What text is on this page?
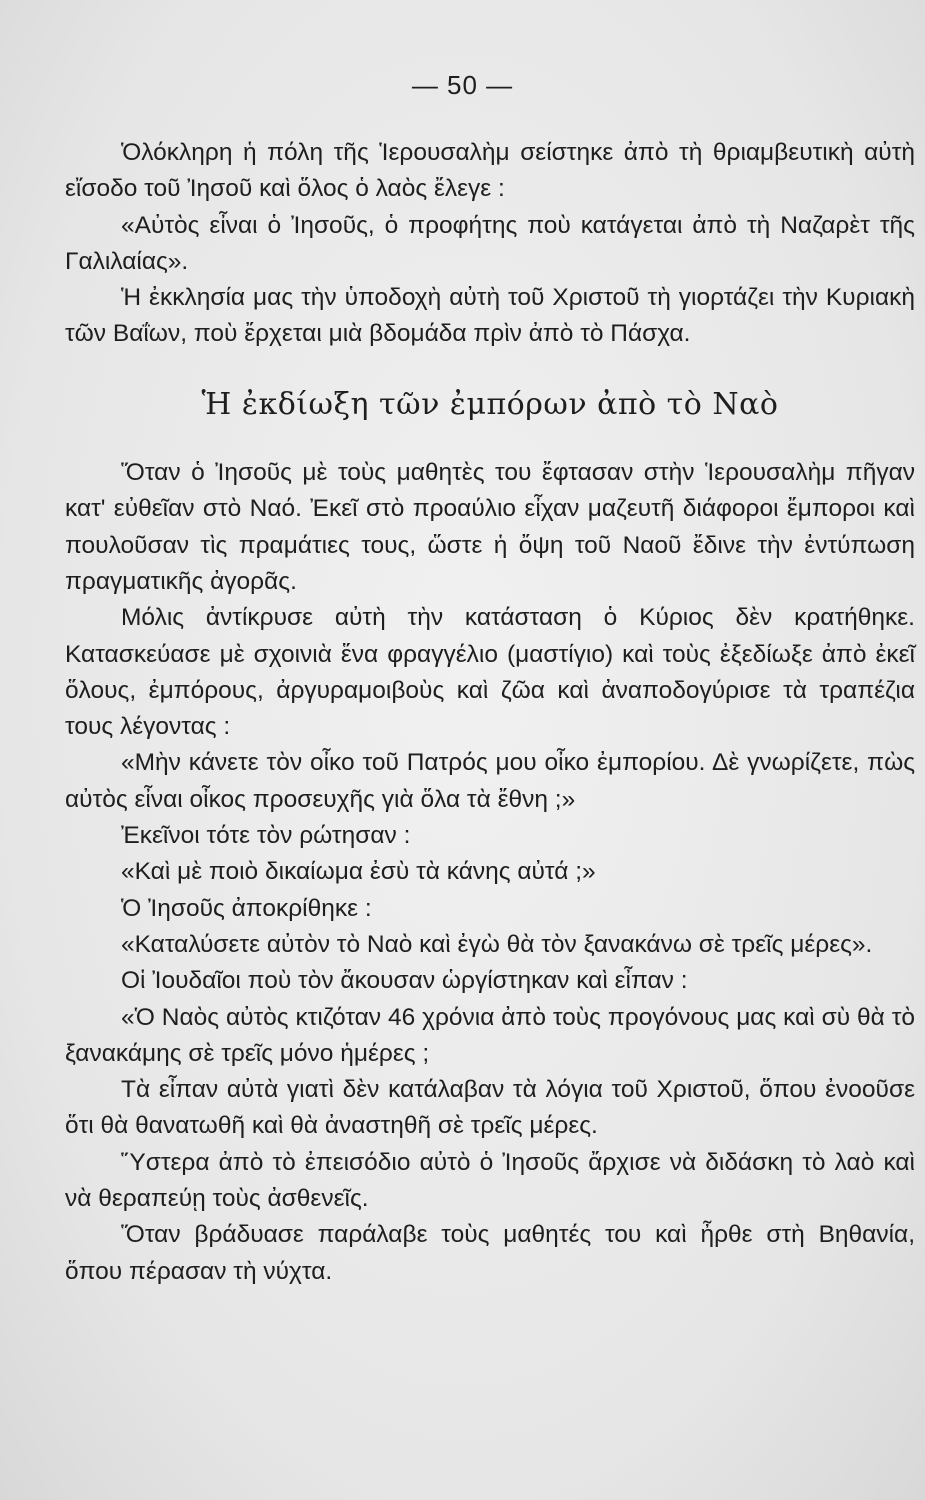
— 50 —

Ὁλόκληρη ἡ πόλη τῆς Ἱερουσαλὴμ σείστηκε ἀπὸ τὴ θριαμβευτικὴ αὐτὴ εἴσοδο τοῦ Ἰησοῦ καὶ ὅλος ὁ λαὸς ἔλεγε :

«Αὐτὸς εἶναι ὁ Ἰησοῦς, ὁ προφήτης ποὺ κατάγεται ἀπὸ τὴ Ναζαρὲτ τῆς Γαλιλαίας».

Ἡ ἐκκλησία μας τὴν ὑποδοχὴ αὐτὴ τοῦ Χριστοῦ τὴ γιορτάζει τὴν Κυριακὴ τῶν Βαΐων, ποὺ ἔρχεται μιὰ βδομάδα πρὶν ἀπὸ τὸ Πάσχα.

Ἡ ἐκδίωξη τῶν ἐμπόρων ἀπὸ τὸ Ναὸ

Ὅταν ὁ Ἰησοῦς μὲ τοὺς μαθητὲς του ἔφτασαν στὴν Ἱερουσαλὴμ πῆγαν κατ' εὐθεῖαν στὸ Ναό. Ἐκεῖ στὸ προαύλιο εἶχαν μαζευτῆ διάφοροι ἔμποροι καὶ πουλοῦσαν τὶς πραμάτιες τους, ὥστε ἡ ὄψη τοῦ Ναοῦ ἔδινε τὴν ἐντύπωση πραγματικῆς ἀγορᾶς.

Μόλις ἀντίκρυσε αὐτὴ τὴν κατάσταση ὁ Κύριος δὲν κρατήθηκε. Κατασκεύασε μὲ σχοινιὰ ἕνα φραγγέλιο (μαστίγιο) καὶ τοὺς ἐξεδίωξε ἀπὸ ἐκεῖ ὅλους, ἐμπόρους, ἀργυραμοιβοὺς καὶ ζῶα καὶ ἀναποδογύρισε τὰ τραπέζια τους λέγοντας :

«Μὴν κάνετε τὸν οἶκο τοῦ Πατρός μου οἶκο ἐμπορίου. Δὲ γνωρίζετε, πὼς αὐτὸς εἶναι οἶκος προσευχῆς γιὰ ὅλα τὰ ἔθνη ;»

Ἐκεῖνοι τότε τὸν ρώτησαν :

«Καὶ μὲ ποιὸ δικαίωμα ἐσὺ τὰ κάνης αὐτά ;»

Ὁ Ἰησοῦς ἀποκρίθηκε :

«Καταλύσετε αὐτὸν τὸ Ναὸ καὶ ἐγὼ θὰ τὸν ξανακάνω σὲ τρεῖς μέρες».

Οἱ Ἰουδαῖοι ποὺ τὸν ἄκουσαν ὡργίστηκαν καὶ εἶπαν :

«Ὁ Ναὸς αὐτὸς κτιζόταν 46 χρόνια ἀπὸ τοὺς προγόνους μας καὶ σὺ θὰ τὸ ξανακάμης σὲ τρεῖς μόνο ἡμέρες ;

Τὰ εἶπαν αὐτὰ γιατὶ δὲν κατάλαβαν τὰ λόγια τοῦ Χριστοῦ, ὅπου ἐνοοῦσε ὅτι θὰ θανατωθῆ καὶ θὰ ἀναστηθῆ σὲ τρεῖς μέρες.

Ὕστερα ἀπὸ τὸ ἐπεισόδιο αὐτὸ ὁ Ἰησοῦς ἄρχισε νὰ διδάσκη τὸ λαὸ καὶ νὰ θεραπεύῃ τοὺς ἀσθενεῖς.

Ὅταν βράδυασε παράλαβε τοὺς μαθητές του καὶ ἦρθε στὴ Βηθανία, ὅπου πέρασαν τὴ νύχτα.
